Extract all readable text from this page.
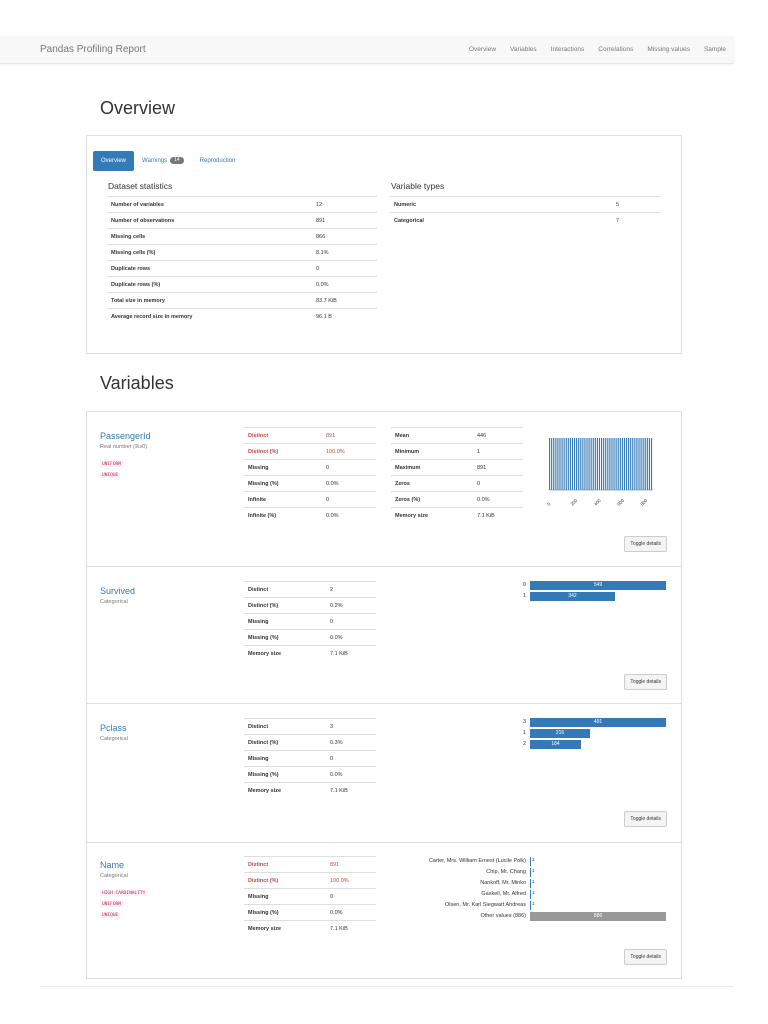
Pandas Profiling Report	Overview Variables Interactions Correlations Missing values Sample
Overview
Overview	Warnings 14	Reproduction
Dataset statistics
Number of variables	12
Number of observations	891
Missing cells	866
Missing cells (%)	8.1%
Duplicate rows	0
Duplicate rows (%)	0.0%
Total size in memory	83.7 KiB
Average record size in memory	96.1 B
Variable types
Numeric	5
Categorical	7
Variables
PassengerId
Real number (ℝ≥0)
UNIFORM
UNIQUE
Distinct	891
Distinct (%)	100.0%
Missing	0
Missing (%)	0.0%
Infinite	0
Infinite (%)	0.0%
Mean	446
Minimum	1
Maximum	891
Zeros	0
Zeros (%)	0.0%
Memory size	7.1 KiB
0	200	400	600	800
Toggle details
Survived
Categorical
Distinct	2
Distinct (%)	0.2%
Missing	0
Missing (%)	0.0%
Memory size	7.1 KiB
0	549
1	342
Toggle details
Pclass
Categorical
Distinct	3
Distinct (%)	0.3%
Missing	0
Missing (%)	0.0%
Memory size	7.1 KiB
3	491
1	216
2	184
Toggle details
Name
Categorical
HIGH CARDINALITY
UNIFORM
UNIQUE
Distinct	891
Distinct (%)	100.0%
Missing	0
Missing (%)	0.0%
Memory size	7.1 KiB
Carter, Mrs. William Ernest (Lucile Polk)	1
Chip, Mr. Chang	1
Nankoff, Mr. Minko	1
Gaskell, Mr. Alfred	1
Olsen, Mr. Karl Siegwart Andreas	1
Other values (886)	886
Toggle details
